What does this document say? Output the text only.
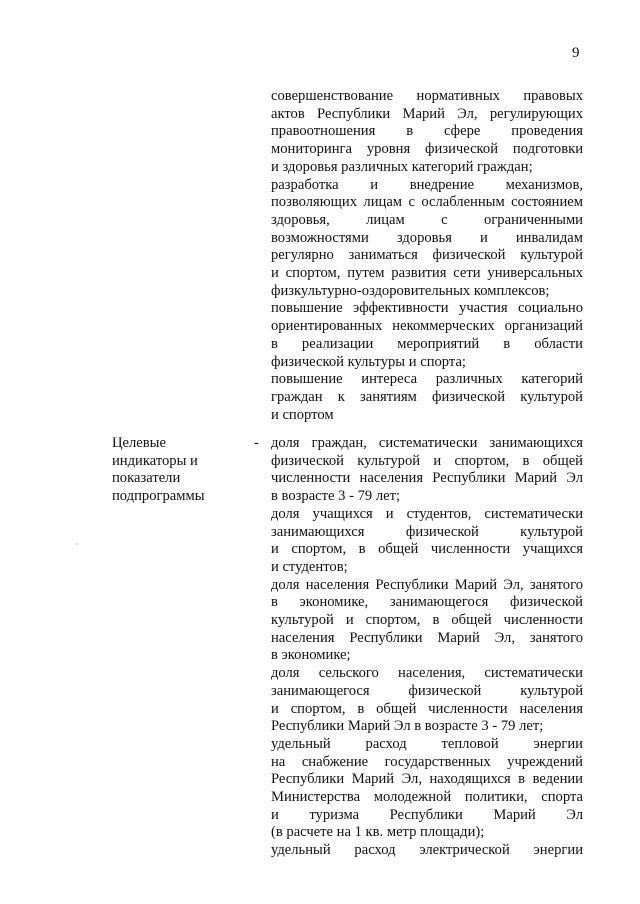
9
совершенствование нормативных правовых
актов Республики Марий Эл, регулирующих
правоотношения в сфере проведения
мониторинга уровня физической подготовки
и здоровья различных категорий граждан;
разработка и внедрение механизмов,
позволяющих лицам с ослабленным состоянием
здоровья, лицам с ограниченными
возможностями здоровья и инвалидам
регулярно заниматься физической культурой
и спортом, путем развития сети универсальных
физкультурно-оздоровительных комплексов;
повышение эффективности участия социально
ориентированных некоммерческих организаций
в реализации мероприятий в области
физической культуры и спорта;
повышение интереса различных категорий
граждан к занятиям физической культурой
и спортом
Целевые
индикаторы и
показатели
подпрограммы
- доля граждан, систематически занимающихся
физической культурой и спортом, в общей
численности населения Республики Марий Эл
в возрасте 3 - 79 лет;
доля учащихся и студентов, систематически
занимающихся физической культурой
и спортом, в общей численности учащихся
и студентов;
доля населения Республики Марий Эл, занятого
в экономике, занимающегося физической
культурой и спортом, в общей численности
населения Республики Марий Эл, занятого
в экономике;
доля сельского населения, систематически
занимающегося физической культурой
и спортом, в общей численности населения
Республики Марий Эл в возрасте 3 - 79 лет;
удельный расход тепловой энергии
на снабжение государственных учреждений
Республики Марий Эл, находящихся в ведении
Министерства молодежной политики, спорта
и туризма Республики Марий Эл
(в расчете на 1 кв. метр площади);
удельный расход электрической энергии
